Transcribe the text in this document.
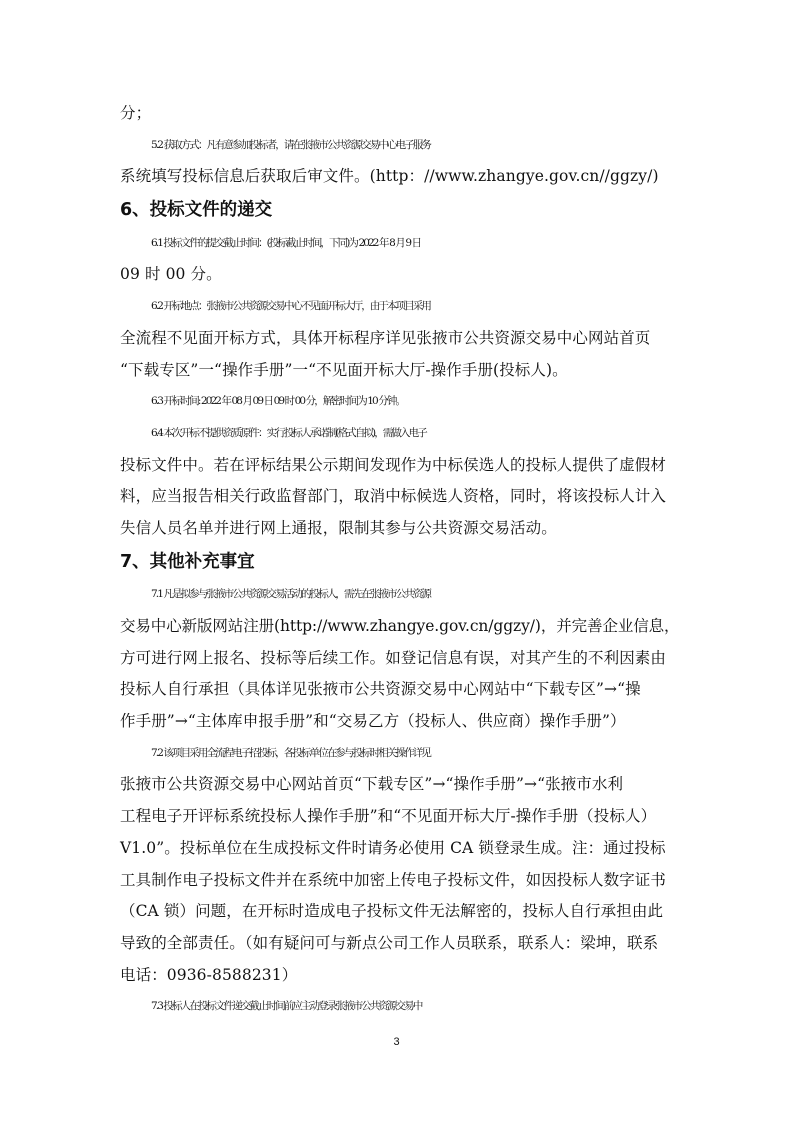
分；
5.2 获取方式：凡有意参加投标者，请在张掖市公共资源交易中心电子服务
系统填写投标信息后获取后审文件。(http：//www.zhangye.gov.cn//ggzy/)
6、投标文件的递交
6.1 投标文件的提交截止时间：(投标截止时间，下同)为 2022 年 8 月 9 日
09 时 00 分。
6.2 开标地点：张掖市公共资源交易中心不见面开标大厅，由于本项目采用
全流程不见面开标方式，具体开标程序详见张掖市公共资源交易中心网站首页
“下载专区”一“操作手册”一“不见面开标大厅-操作手册(投标人)。
6.3 开标时间: 2022 年 08 月 09 日 09 时 00 分，解密时间为 10 分钟。
6.4 本次开标不提供资质原件：实行投标人承诺制(格式自拟)，需做入电子
投标文件中。若在评标结果公示期间发现作为中标侯选人的投标人提供了虚假材
料，应当报告相关行政监督部门，取消中标候选人资格，同时，将该投标人计入
失信人员名单并进行网上通报，限制其参与公共资源交易活动。
7、其他补充事宜
7.1 凡是拟参与张掖市公共资源交易活动的投标人，需先在张掖市公共资源
交易中心新版网站注册(http://www.zhangye.gov.cn/ggzy/)，并完善企业信息，
方可进行网上报名、投标等后续工作。如登记信息有误，对其产生的不利因素由
投标人自行承担（具体详见张掖市公共资源交易中心网站中“下载专区”→“操
作手册”→“主体库申报手册”和“交易乙方（投标人、供应商）操作手册”）
7.2 该项目采用全流程电子招投标，各投标单位在参与投标时相关操作详见
张掖市公共资源交易中心网站首页“下载专区”→“操作手册”→“张掖市水利
工程电子开评标系统投标人操作手册”和“不见面开标大厅-操作手册（投标人）
V1.0”。投标单位在生成投标文件时请务必使用 CA 锁登录生成。注：通过投标
工具制作电子投标文件并在系统中加密上传电子投标文件，如因投标人数字证书
（CA 锁）问题，在开标时造成电子投标文件无法解密的，投标人自行承担由此
导致的全部责任。（如有疑问可与新点公司工作人员联系，联系人：梁坤，联系
电话：0936-8588231）
7.3 投标人在投标文件递交截止时间前应主动登录张掖市公共资源交易中
3
